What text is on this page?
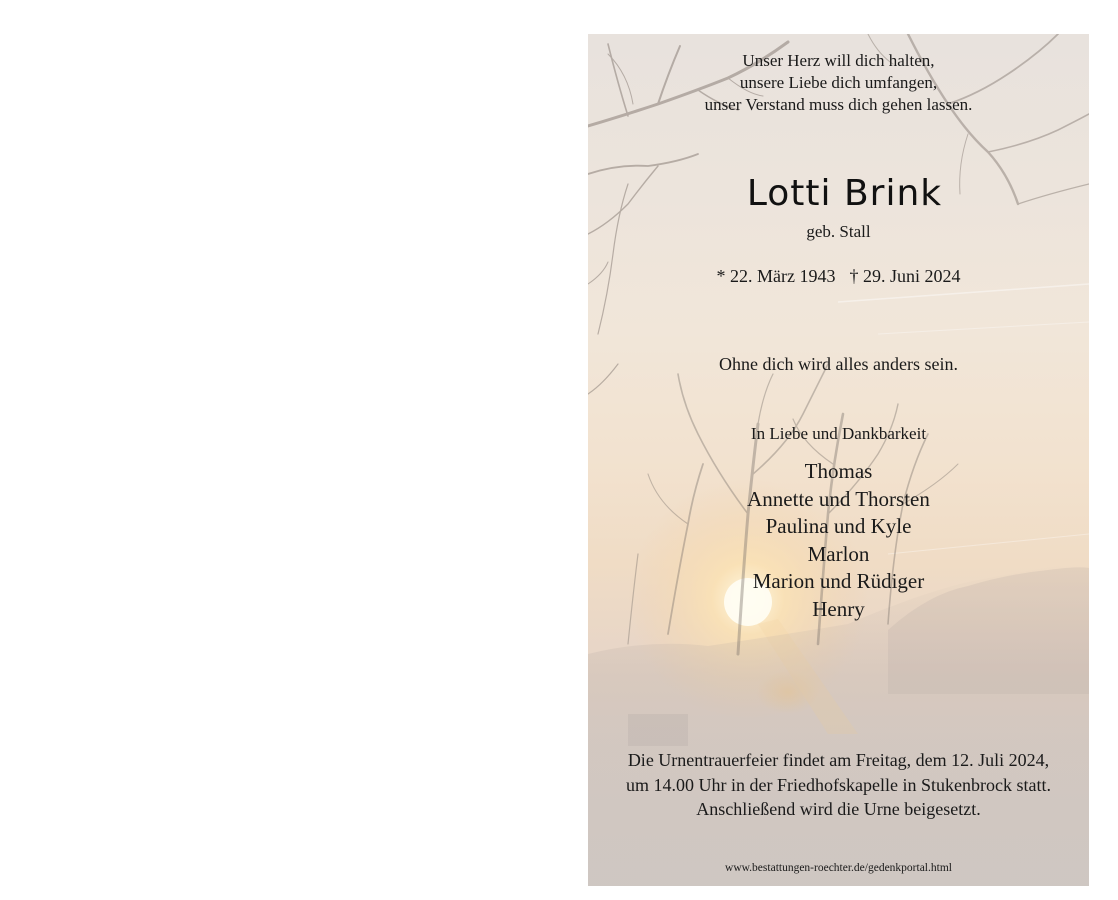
Unser Herz will dich halten,
unsere Liebe dich umfangen,
unser Verstand muss dich gehen lassen.

Lotti Brink

geb. Stall

* 22. März 1943 † 29. Juni 2024

Ohne dich wird alles anders sein.

In Liebe und Dankbarkeit

Thomas
Annette und Thorsten
Paulina und Kyle
Marlon
Marion und Rüdiger
Henry

Die Urnentrauerfeier findet am Freitag, dem 12. Juli 2024,
um 14.00 Uhr in der Friedhofskapelle in Stukenbrock statt.
Anschließend wird die Urne beigesetzt.

www.bestattungen-roechter.de/gedenkportal.html
